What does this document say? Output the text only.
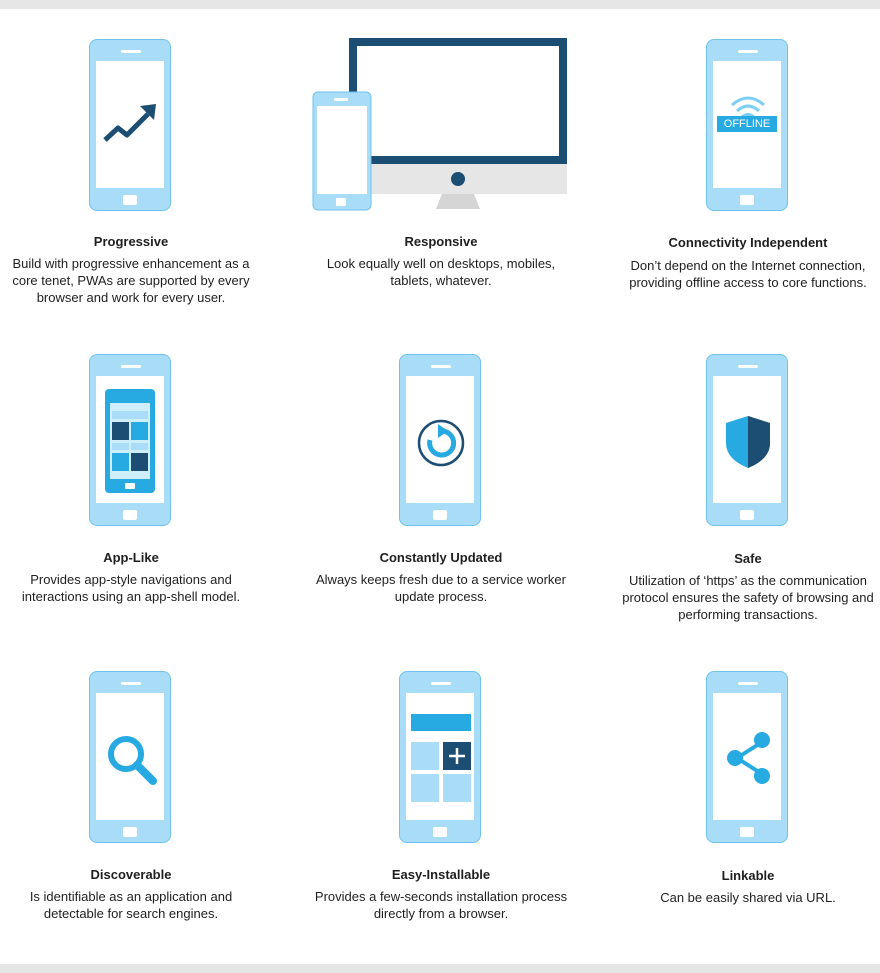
Progressive
Build with progressive enhancement as a core tenet, PWAs are supported by every browser and work for every user.
Responsive
Look equally well on desktops, mobiles, tablets, whatever.
OFFLINE
Connectivity Independent
Don’t depend on the Internet connection, providing offline access to core functions.
App-Like
Provides app-style navigations and interactions using an app-shell model.
Constantly Updated
Always keeps fresh due to a service worker update process.
Safe
Utilization of ‘https’ as the communication protocol ensures the safety of browsing and performing transactions.
Discoverable
Is identifiable as an application and detectable for search engines.
Easy-Installable
Provides a few-seconds installation process directly from a browser.
Linkable
Can be easily shared via URL.
